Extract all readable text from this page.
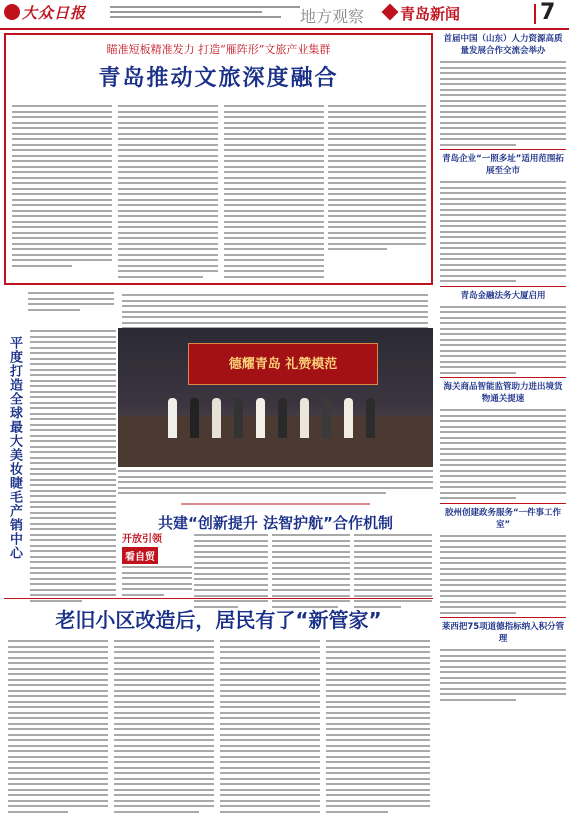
大众日报	地方观察 青岛新闻	7
瞄准短板精准发力 打造“雁阵形”文旅产业集群
青岛推动文旅深度融合
首届中国（山东）人力资源高质量发展合作交流会举办
青岛企业“一照多址”适用范围拓展至全市
青岛金融法务大厦启用
海关商品智能监管助力进出境货物通关提速
胶州创建政务服务“一件事工作室”
莱西把75项道德指标纳入积分管理
平度打造全球最大美妆睫毛产销中心	德耀青岛 礼赞模范
共建“创新提升 法智护航”合作机制
开放引领
看自贸
老旧小区改造后，居民有了“新管家”
